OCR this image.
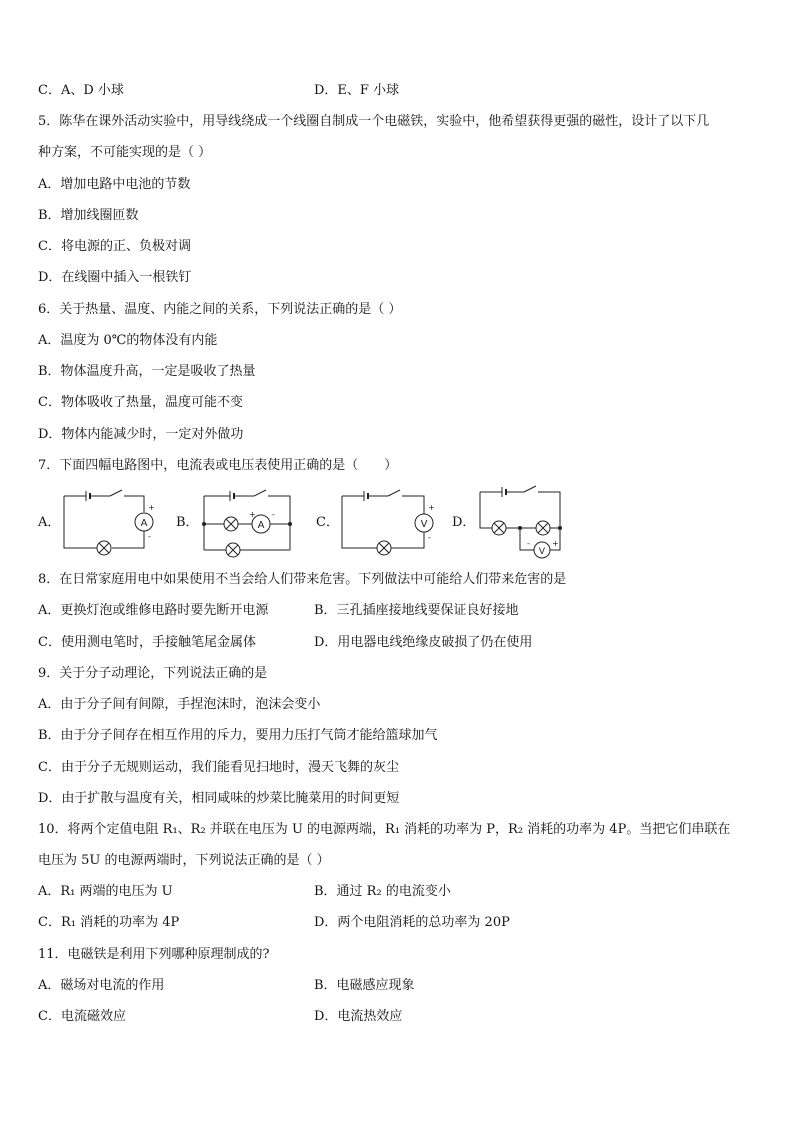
C．A、D 小球	D．E、F 小球
5．陈华在课外活动实验中，用导线绕成一个线圈自制成一个电磁铁，实验中，他希望获得更强的磁性，设计了以下几
种方案，不可能实现的是（ ）
A．增加电路中电池的节数
B．增加线圈匝数
C．将电源的正、负极对调
D．在线圈中插入一根铁钉
6．关于热量、温度、内能之间的关系，下列说法正确的是（ ）
A．温度为 0℃的物体没有内能
B．物体温度升高，一定是吸收了热量
C．物体吸收了热量，温度可能不变
D．物体内能减少时，一定对外做功
7．下面四幅电路图中，电流表或电压表使用正确的是（　　）
A．	B．	C．	D．
A
+
-
A
+ -
V
+
-
V
-	+
8．在日常家庭用电中如果使用不当会给人们带来危害。下列做法中可能给人们带来危害的是
A．更换灯泡或维修电路时要先断开电源	B．三孔插座接地线要保证良好接地
C．使用测电笔时，手接触笔尾金属体	D．用电器电线绝缘皮破损了仍在使用
9．关于分子动理论，下列说法正确的是
A．由于分子间有间隙，手捏泡沫时，泡沫会变小
B．由于分子间存在相互作用的斥力，要用力压打气筒才能给篮球加气
C．由于分子无规则运动，我们能看见扫地时，漫天飞舞的灰尘
D．由于扩散与温度有关，相同咸味的炒菜比腌菜用的时间更短
10．将两个定值电阻 R₁、R₂ 并联在电压为 U 的电源两端，R₁ 消耗的功率为 P，R₂ 消耗的功率为 4P。当把它们串联在
电压为 5U 的电源两端时，下列说法正确的是（ ）
A．R₁ 两端的电压为 U	B．通过 R₂ 的电流变小
C．R₁ 消耗的功率为 4P	D．两个电阻消耗的总功率为 20P
11．电磁铁是利用下列哪种原理制成的?
A．磁场对电流的作用	B．电磁感应现象
C．电流磁效应	D．电流热效应
